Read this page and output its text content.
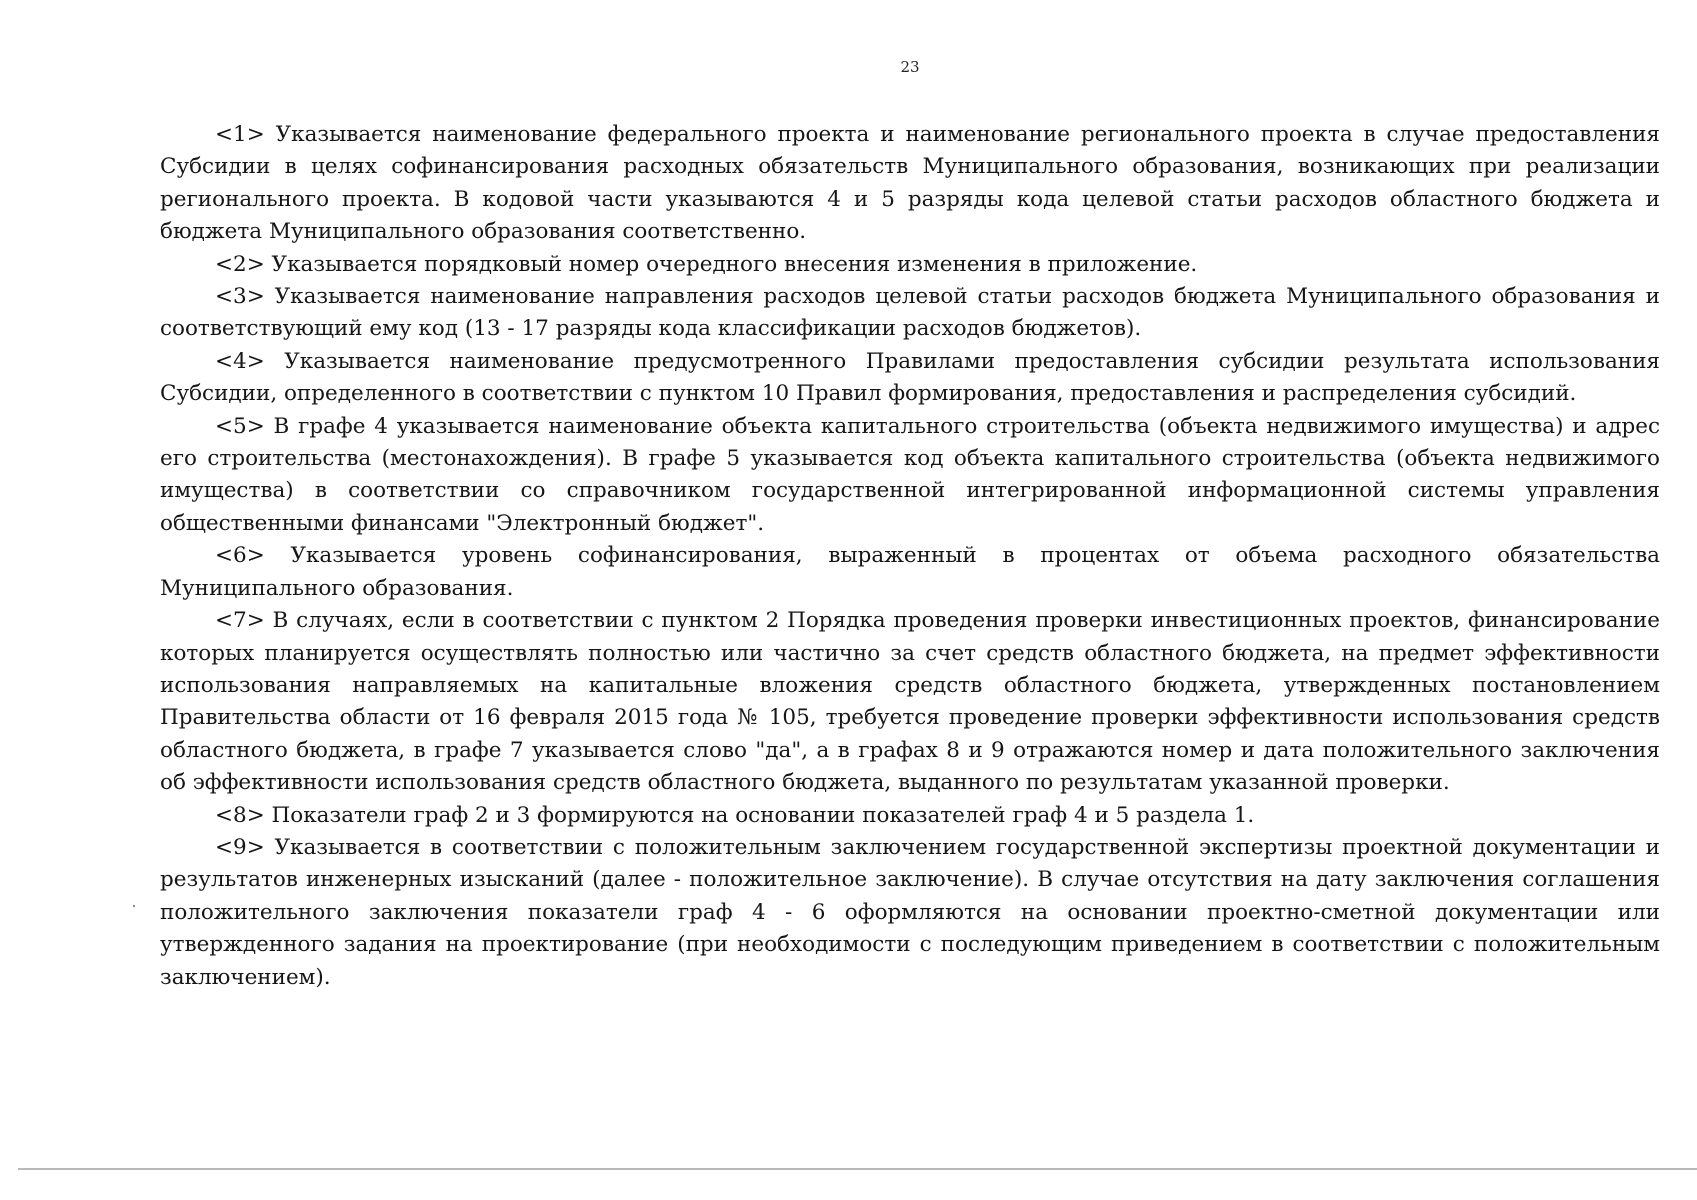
23

<1> Указывается наименование федерального проекта и наименование регионального проекта в случае предоставления Субсидии в целях софинансирования расходных обязательств Муниципального образования, возникающих при реализации регионального проекта. В кодовой части указываются 4 и 5 разряды кода целевой статьи расходов областного бюджета и бюджета Муниципального образования соответственно.

<2> Указывается порядковый номер очередного внесения изменения в приложение.

<3> Указывается наименование направления расходов целевой статьи расходов бюджета Муниципального образования и соответствующий ему код (13 - 17 разряды кода классификации расходов бюджетов).

<4> Указывается наименование предусмотренного Правилами предоставления субсидии результата использования Субсидии, определенного в соответствии с пунктом 10 Правил формирования, предоставления и распределения субсидий.

<5> В графе 4 указывается наименование объекта капитального строительства (объекта недвижимого имущества) и адрес его строительства (местонахождения). В графе 5 указывается код объекта капитального строительства (объекта недвижимого имущества) в соответствии со справочником государственной интегрированной информационной системы управления общественными финансами "Электронный бюджет".

<6> Указывается уровень софинансирования, выраженный в процентах от объема расходного обязательства Муниципального образования.

<7> В случаях, если в соответствии с пунктом 2 Порядка проведения проверки инвестиционных проектов, финансирование которых планируется осуществлять полностью или частично за счет средств областного бюджета, на предмет эффективности использования направляемых на капитальные вложения средств областного бюджета, утвержденных постановлением Правительства области от 16 февраля 2015 года № 105, требуется проведение проверки эффективности использования средств областного бюджета, в графе 7 указывается слово "да", а в графах 8 и 9 отражаются номер и дата положительного заключения об эффективности использования средств областного бюджета, выданного по результатам указанной проверки.

<8> Показатели граф 2 и 3 формируются на основании показателей граф 4 и 5 раздела 1.

<9> Указывается в соответствии с положительным заключением государственной экспертизы проектной документации и результатов инженерных изысканий (далее - положительное заключение). В случае отсутствия на дату заключения соглашения положительного заключения показатели граф 4 - 6 оформляются на основании проектно-сметной документации или утвержденного задания на проектирование (при необходимости с последующим приведением в соответствии с положительным заключением).
